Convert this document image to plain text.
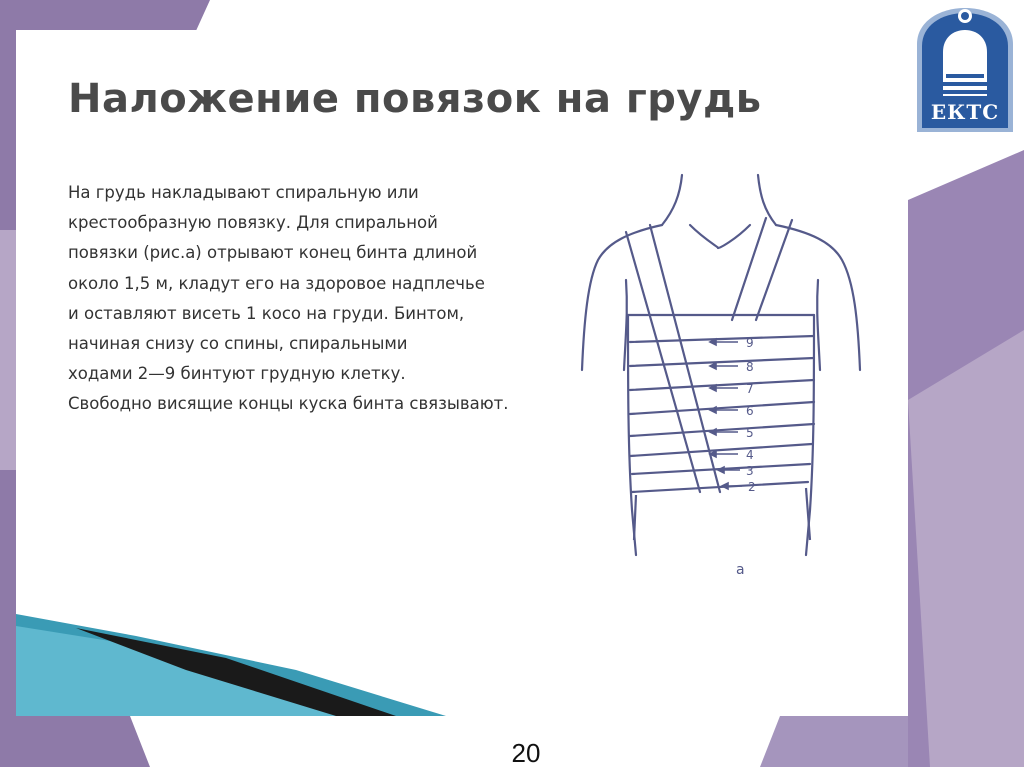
Наложение повязок на грудь
На грудь накладывают спиральную или
крестообразную повязку. Для спиральной
повязки (рис.а) отрывают конец бинта длиной
около 1,5 м, кладут его на здоровое надплечье
и оставляют висеть 1 косо на груди. Бинтом,
начиная снизу со спины, спиральными
ходами 2—9 бинтуют грудную клетку.
Свободно висящие концы куска бинта связывают.
9
8
7
6
5
4
3
2
a
ЕКТС
20
